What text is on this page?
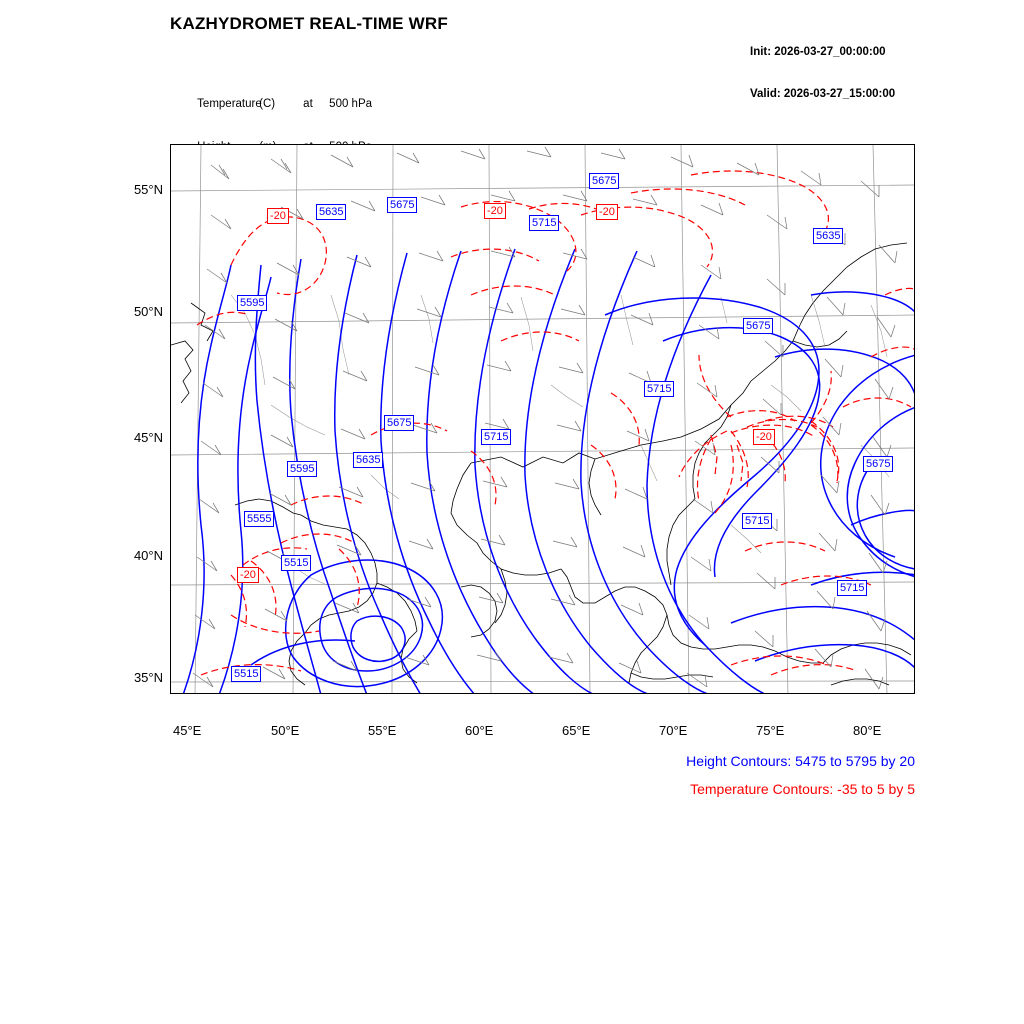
KAZHYDROMET REAL-TIME WRF

Init: 2026-03-27_00:00:00

Valid: 2026-03-27_15:00:00

Temperature(C) at 500 hPa

5675
5635
5675
5715
5635
5595
5675
5715
5675
5715
5635
5595	5675
5555	5715
5515
5715
5515
-20	-20	-20
-20
-20
55°N
50°N
45°N
40°N
35°N
45°E	50°E	55°E	60°E	65°E	70°E	75°E	80°E
Height Contours: 5475 to 5795 by 20
Temperature Contours: -35 to 5 by 5
